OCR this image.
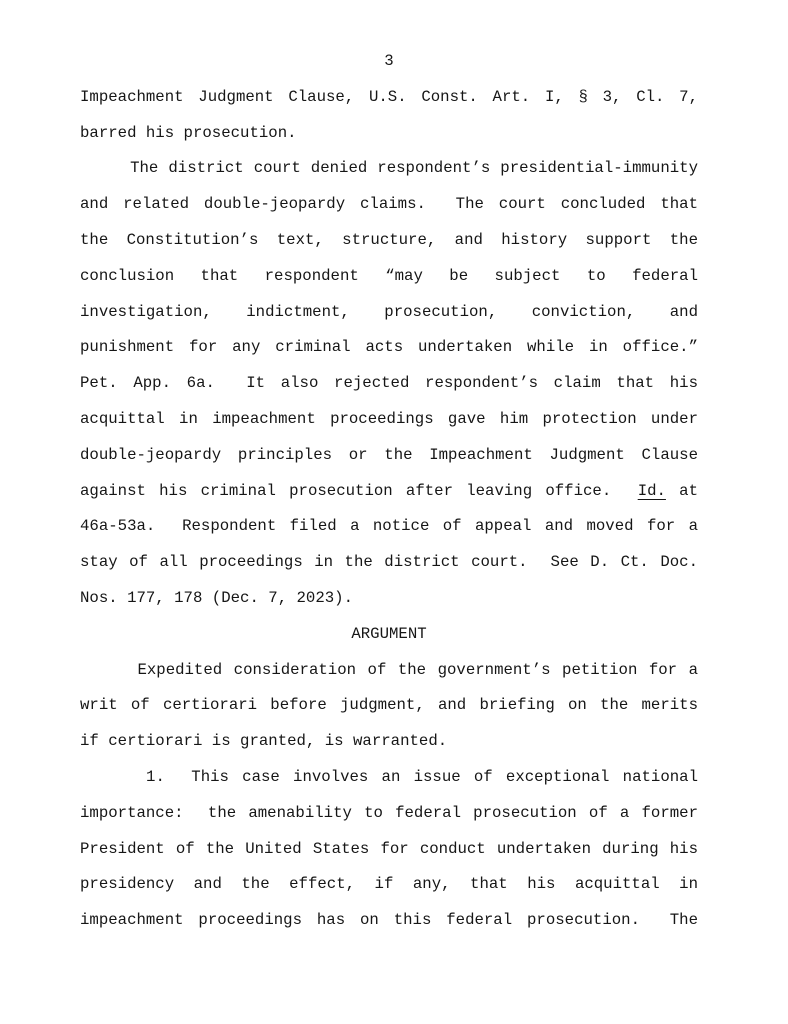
3
Impeachment Judgment Clause, U.S. Const. Art. I, § 3, Cl. 7,
barred his prosecution.
The district court denied respondent’s presidential-immunity
and related double-jeopardy claims.  The court concluded that
the Constitution’s text, structure, and history support the
conclusion that respondent “may be subject to federal
investigation, indictment, prosecution, conviction, and
punishment for any criminal acts undertaken while in office.”
Pet. App. 6a.  It also rejected respondent’s claim that his
acquittal in impeachment proceedings gave him protection under
double-jeopardy principles or the Impeachment Judgment Clause
against his criminal prosecution after leaving office.  Id. at
46a-53a.  Respondent filed a notice of appeal and moved for a
stay of all proceedings in the district court.  See D. Ct. Doc.
Nos. 177, 178 (Dec. 7, 2023).
ARGUMENT
Expedited consideration of the government’s petition for a
writ of certiorari before judgment, and briefing on the merits
if certiorari is granted, is warranted.
1.  This case involves an issue of exceptional national
importance:  the amenability to federal prosecution of a former
President of the United States for conduct undertaken during his
presidency and the effect, if any, that his acquittal in
impeachment proceedings has on this federal prosecution.  The
